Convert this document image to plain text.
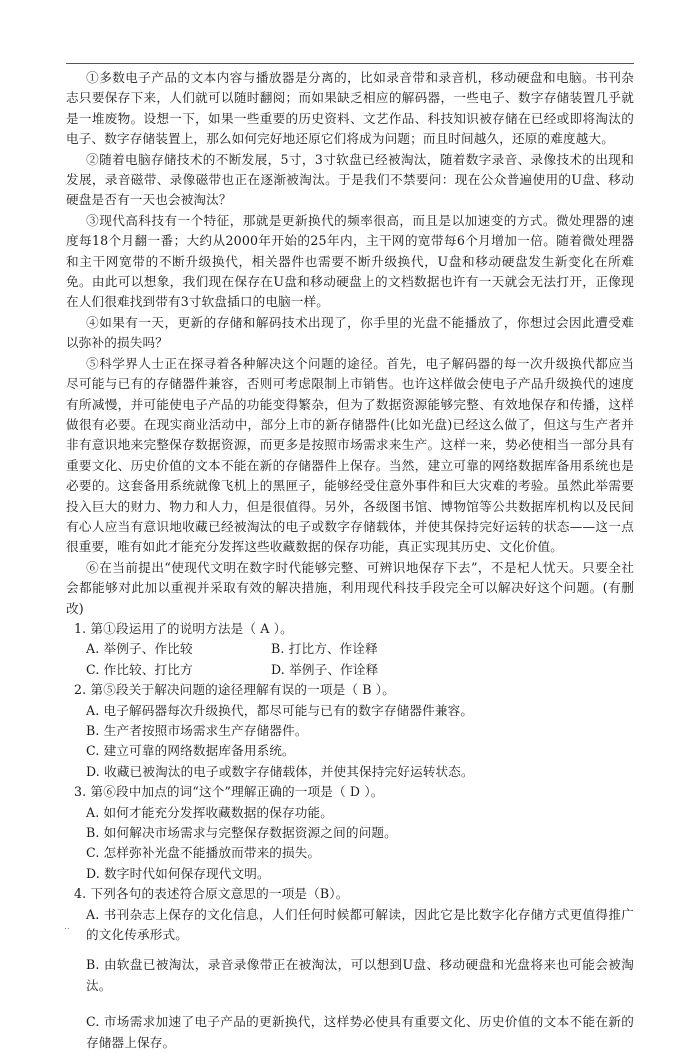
①多数电子产品的文本内容与播放器是分离的，比如录音带和录音机，移动硬盘和电脑。书刊杂志只要保存下来，人们就可以随时翻阅；而如果缺乏相应的解码器，一些电子、数字存储装置几乎就是一堆废物。设想一下，如果一些重要的历史资料、文艺作品、科技知识被存储在已经或即将淘汰的电子、数字存储装置上，那么如何完好地还原它们将成为问题；而且时间越久，还原的难度越大。

②随着电脑存储技术的不断发展，5寸，3寸软盘已经被淘汰，随着数字录音、录像技术的出现和发展，录音磁带、录像磁带也正在逐渐被淘汰。于是我们不禁要问：现在公众普遍使用的U盘、移动硬盘是否有一天也会被淘汰？

③现代高科技有一个特征，那就是更新换代的频率很高，而且是以加速变的方式。微处理器的速度每18个月翻一番；大约从2000年开始的25年内，主干网的宽带每6个月增加一倍。随着微处理器和主干网宽带的不断升级换代，相关器件也需要不断升级换代，U盘和移动硬盘发生新变化在所难免。由此可以想象，我们现在保存在U盘和移动硬盘上的文档数据也许有一天就会无法打开，正像现在人们很难找到带有3寸软盘插口的电脑一样。

④如果有一天，更新的存储和解码技术出现了，你手里的光盘不能播放了，你想过会因此遭受难以弥补的损失吗？

⑤科学界人士正在探寻着各种解决这个问题的途径。首先，电子解码器的每一次升级换代都应当尽可能与已有的存储器件兼容，否则可考虑限制上市销售。也许这样做会使电子产品升级换代的速度有所减慢，并可能使电子产品的功能变得繁杂，但为了数据资源能够完整、有效地保存和传播，这样做很有必要。在现实商业活动中，部分上市的新存储器件(比如光盘)已经这么做了，但这与生产者并非有意识地来完整保存数据资源，而更多是按照市场需求来生产。这样一来，势必使相当一部分具有重要文化、历史价值的文本不能在新的存储器件上保存。当然，建立可靠的网络数据库备用系统也是必要的。这套备用系统就像飞机上的黑匣子，能够经受住意外事件和巨大灾难的考验。虽然此举需要投入巨大的财力、物力和人力，但是很值得。另外，各级图书馆、博物馆等公共数据库机构以及民间有心人应当有意识地收藏已经被淘汰的电子或数字存储载体，并使其保持完好运转的状态——这一点很重要，唯有如此才能充分发挥这些收藏数据的保存功能，真正实现其历史、文化价值。

⑥在当前提出“使现代文明在数字时代能够完整、可辨识地保存下去”，不是杞人忧天。只要全社会都能够对此加以重视并采取有效的解决措施，利用现代科技手段完全可以解决好这个问题。(有删改)

1. 第①段运用了的说明方法是（ A ）。

A. 举例子、作比较	B. 打比方、作诠释
C. 作比较、打比方	D. 举例子、作诠释

2. 第⑤段关于解决问题的途径理解有误的一项是（ B ）。

A. 电子解码器每次升级换代，都尽可能与已有的数字存储器件兼容。

B. 生产者按照市场需求生产存储器件。

C. 建立可靠的网络数据库备用系统。

D. 收藏已被淘汰的电子或数字存储载体，并使其保持完好运转状态。

3. 第⑥段中加点的词“这个”理解正确的一项是（ D ）。

A. 如何才能充分发挥收藏数据的保存功能。

B. 如何解决市场需求与完整保存数据资源之间的问题。

C. 怎样弥补光盘不能播放而带来的损失。

D. 数字时代如何保存现代文明。

4. 下列各句的表述符合原文意思的一项是（B）。

A. 书刊杂志上保存的文化信息，人们任何时候都可解读，因此它是比数字化存储方式更值得推广的文化传承形式。

B. 由软盘已被淘汰，录音录像带正在被淘汰，可以想到U盘、移动硬盘和光盘将来也可能会被淘汰。

C. 市场需求加速了电子产品的更新换代，这样势必使具有重要文化、历史价值的文本不能在新的存储器上保存。

..
